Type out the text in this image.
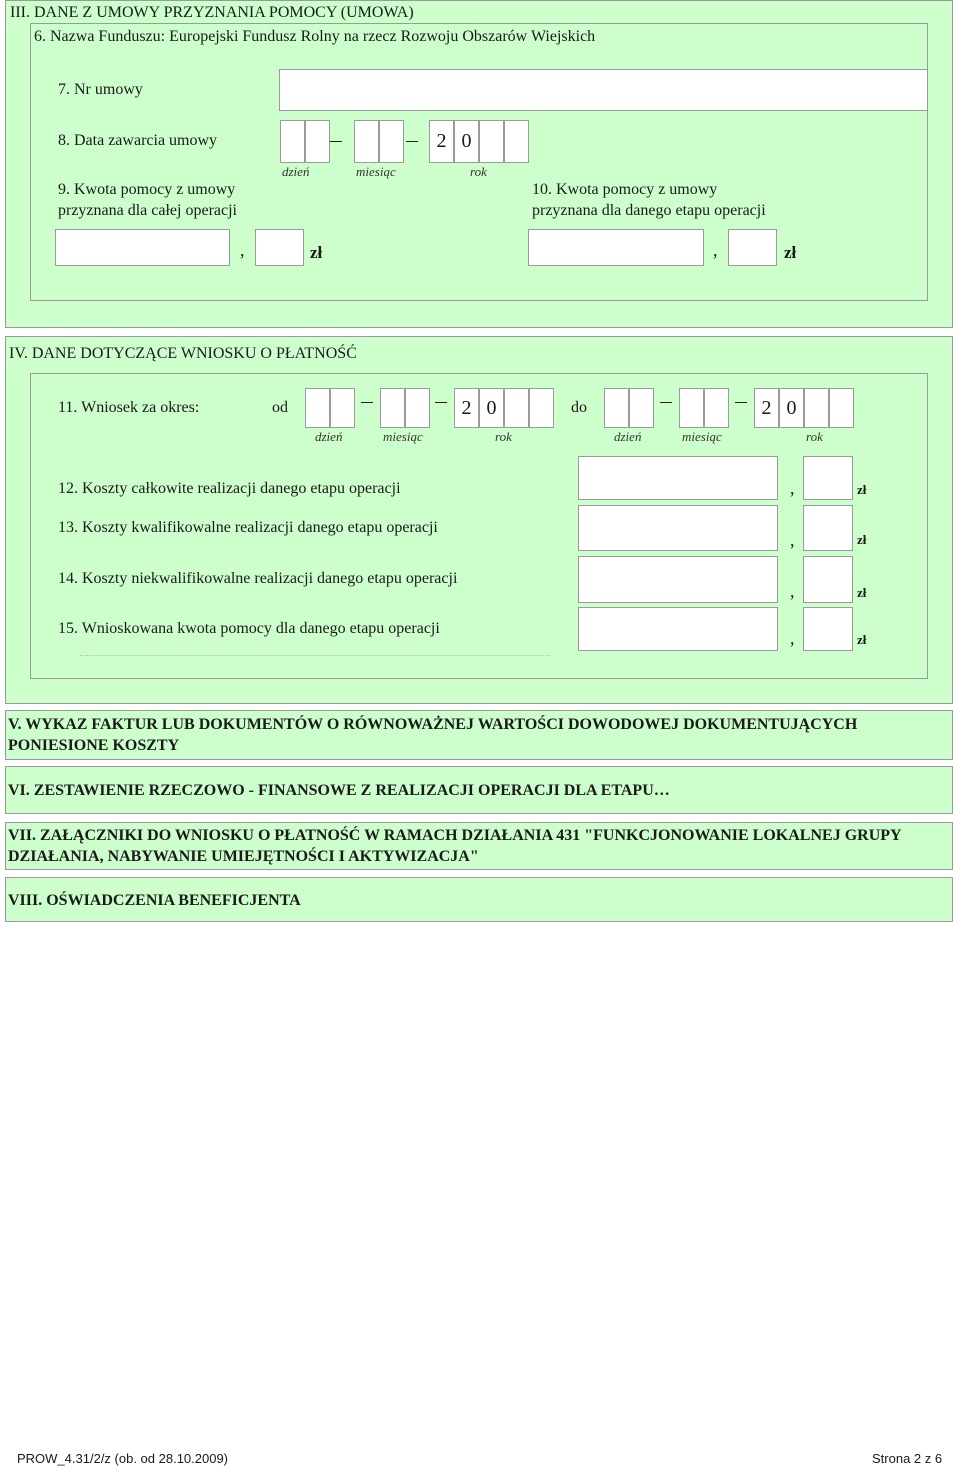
III. DANE Z UMOWY PRZYZNANIA POMOCY (UMOWA)
6. Nazwa Funduszu: Europejski Fundusz Rolny na rzecz Rozwoju Obszarów Wiejskich
7. Nr umowy
8. Data zawarcia umowy	2 0
dzień	miesiąc	rok
9. Kwota pomocy z umowy
przyznana dla całej operacji
10. Kwota pomocy z umowy
przyznana dla danego etapu operacji
,	zł	,	zł
IV. DANE DOTYCZĄCE WNIOSKU O PŁATNOŚĆ
11. Wniosek za okres:	od	2 0	do	2 0
dzień	miesiąc	rok	dzień	miesiąc	rok
12. Koszty całkowite realizacji danego etapu operacji	,	zł
13. Koszty kwalifikowalne realizacji danego etapu operacji
,	zł
14. Koszty niekwalifikowalne realizacji danego etapu operacji
,	zł
15. Wnioskowana kwota pomocy dla danego etapu operacji	,	zł
V. WYKAZ FAKTUR LUB DOKUMENTÓW O RÓWNOWAŻNEJ WARTOŚCI DOWODOWEJ DOKUMENTUJĄCYCH PONIESIONE KOSZTY
VI. ZESTAWIENIE RZECZOWO - FINANSOWE Z REALIZACJI OPERACJI DLA ETAPU…
VII. ZAŁĄCZNIKI DO WNIOSKU O PŁATNOŚĆ W RAMACH DZIAŁANIA 431 "FUNKCJONOWANIE LOKALNEJ GRUPY DZIAŁANIA, NABYWANIE UMIEJĘTNOŚCI I AKTYWIZACJA"
VIII. OŚWIADCZENIA BENEFICJENTA
PROW_4.31/2/z (ob. od 28.10.2009)	Strona 2 z 6
